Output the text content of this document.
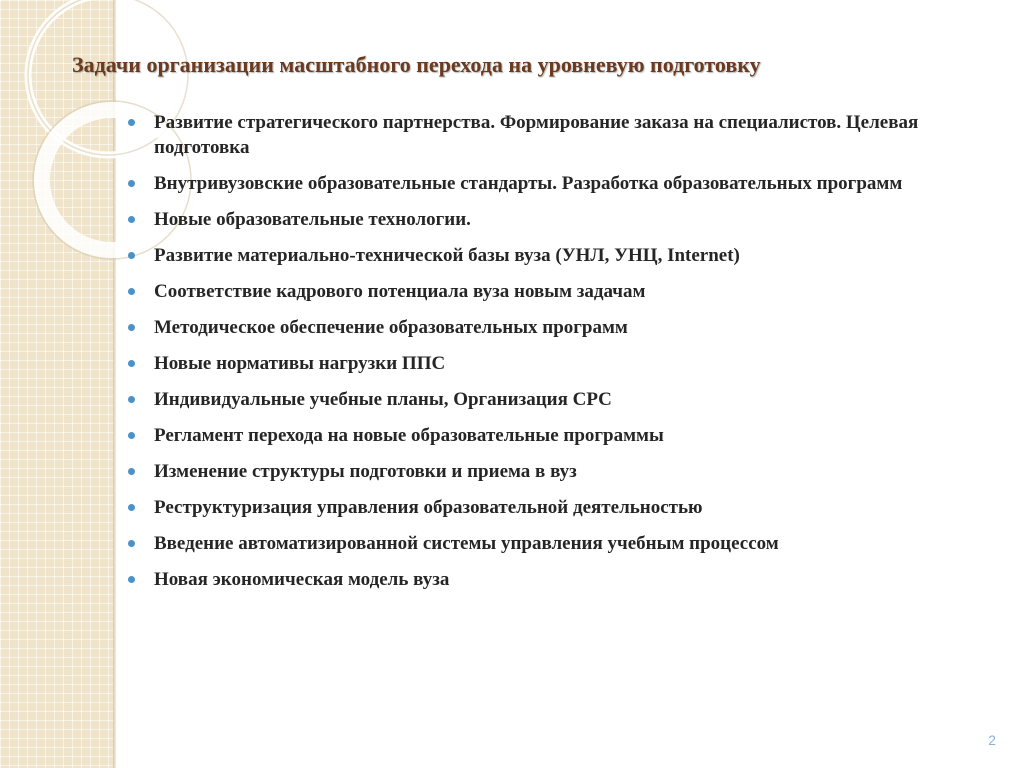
Задачи организации масштабного перехода на уровневую подготовку
Развитие стратегического партнерства. Формирование заказа на специалистов. Целевая подготовка
Внутривузовские образовательные стандарты. Разработка образовательных программ
Новые образовательные технологии.
Развитие материально-технической базы вуза (УНЛ, УНЦ, Internet)
Соответствие кадрового потенциала вуза новым задачам
Методическое обеспечение образовательных программ
Новые нормативы нагрузки ППС
Индивидуальные учебные планы, Организация СРС
Регламент перехода на новые образовательные программы
Изменение структуры подготовки и приема в вуз
Реструктуризация управления образовательной деятельностью
Введение автоматизированной системы управления учебным процессом
Новая экономическая модель вуза
2
